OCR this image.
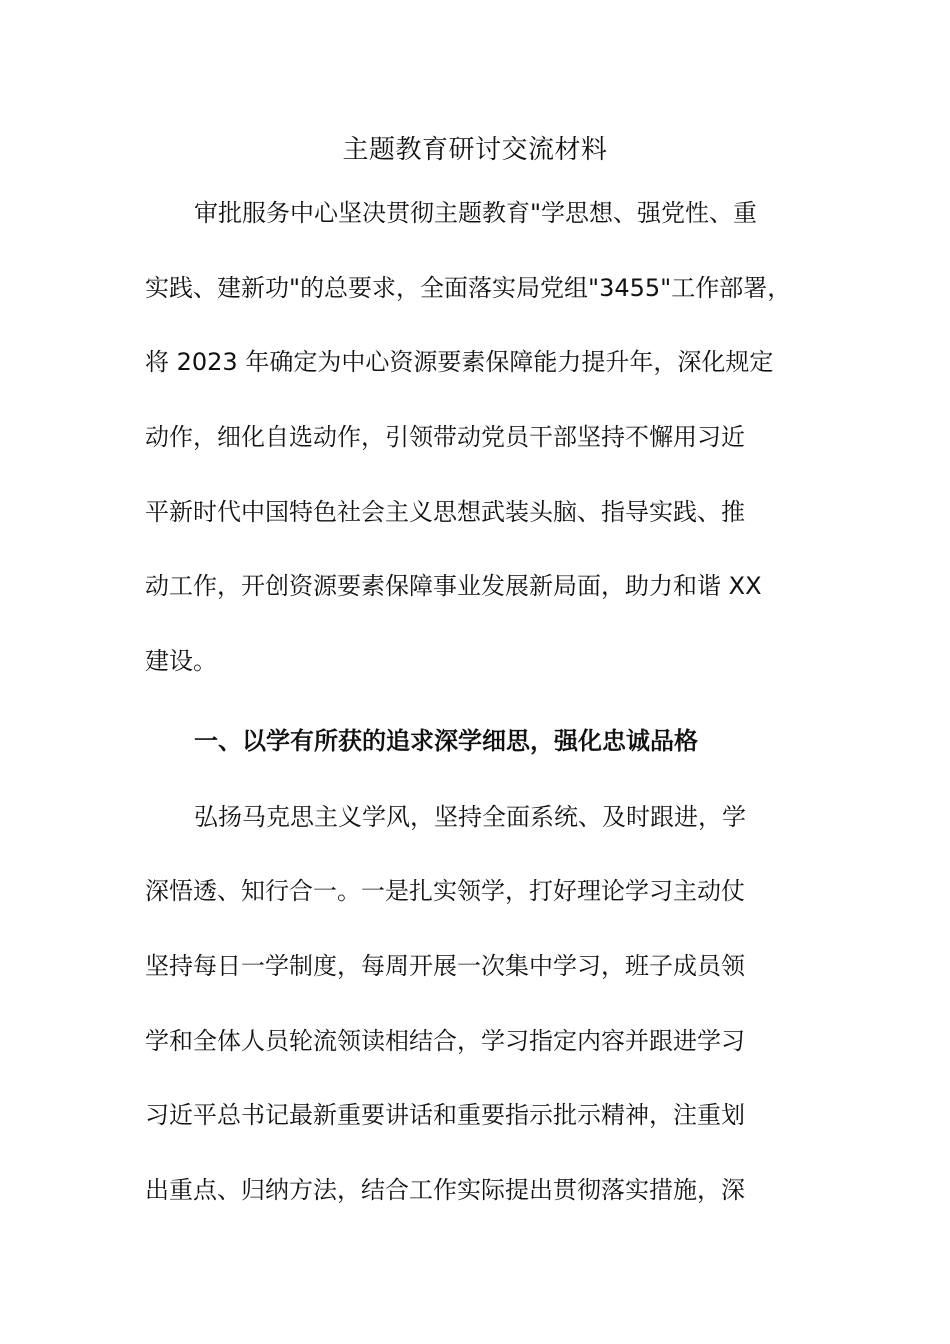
主题教育研讨交流材料
审批服务中心坚决贯彻主题教育"学思想、强党性、重
实践、建新功"的总要求，全面落实局党组"3455"工作部署，
将 2023 年确定为中心资源要素保障能力提升年，深化规定
动作，细化自选动作，引领带动党员干部坚持不懈用习近
平新时代中国特色社会主义思想武装头脑、指导实践、推
动工作，开创资源要素保障事业发展新局面，助力和谐 XX
建设。
一、以学有所获的追求深学细思，强化忠诚品格
弘扬马克思主义学风，坚持全面系统、及时跟进，学
深悟透、知行合一。一是扎实领学，打好理论学习主动仗
坚持每日一学制度，每周开展一次集中学习，班子成员领
学和全体人员轮流领读相结合，学习指定内容并跟进学习
习近平总书记最新重要讲话和重要指示批示精神，注重划
出重点、归纳方法，结合工作实际提出贯彻落实措施，深
